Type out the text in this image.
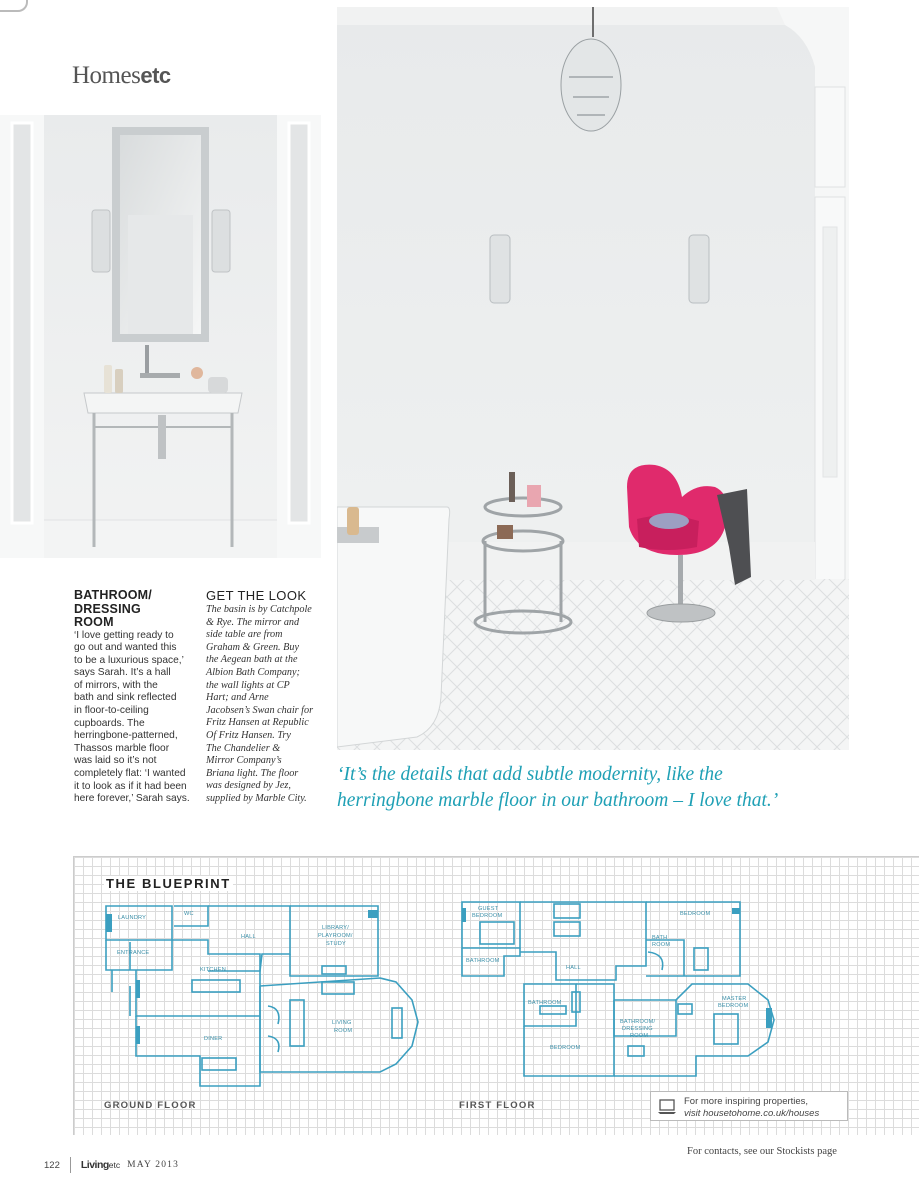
Homesetc
BATHROOM/
DRESSING
ROOM
‘I love getting ready to
go out and wanted this
to be a luxurious space,’
says Sarah. It’s a hall
of mirrors, with the
bath and sink reflected
in floor-to-ceiling
cupboards. The
herringbone-patterned,
Thassos marble floor
was laid so it’s not
completely flat: ‘I wanted
it to look as if it had been
here forever,’ Sarah says.
GET THE LOOK
The basin is by Catchpole
& Rye. The mirror and
side table are from
Graham & Green. Buy
the Aegean bath at the
Albion Bath Company;
the wall lights at CP
Hart; and Arne
Jacobsen’s Swan chair for
Fritz Hansen at Republic
Of Fritz Hansen. Try
The Chandelier &
Mirror Company’s
Briana light. The floor
was designed by Jez,
supplied by Marble City.
‘It’s the details that add subtle modernity, like the
herringbone marble floor in our bathroom – I love that.’
THE BLUEPRINT
LAUNDRY
WC
HALL
LIBRARY/
PLAYROOM/
STUDY
ENTRANCE
KITCHEN
DINER
LIVING
ROOM
GUEST
BEDROOM	BEDROOM
BATHROOM
BATH
ROOM
HALL
BATHROOM
MASTER
BEDROOM
BATHROOM/
DRESSING
ROOM
BEDROOM
GROUND FLOOR	FIRST FLOOR	For more inspiring properties,
visit housetohome.co.uk/houses
For contacts, see our Stockists page
122 Living etc MAY 2013
